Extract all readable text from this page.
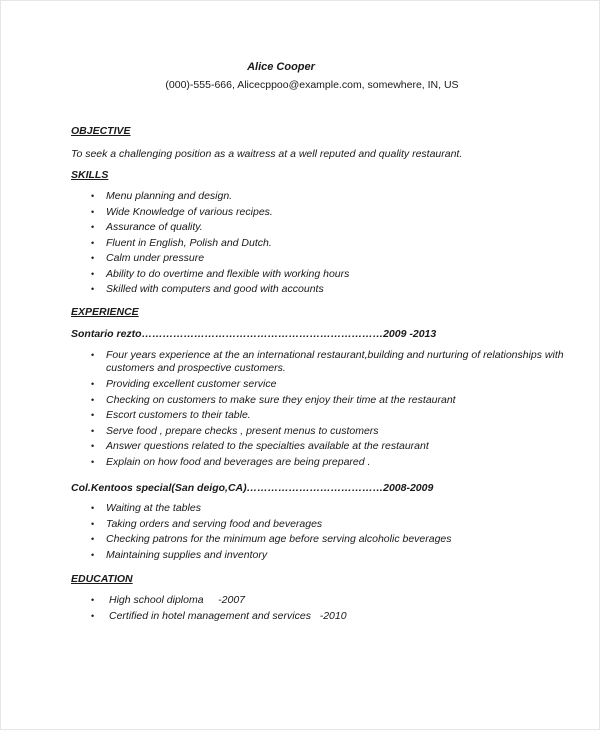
Alice Cooper
(000)-555-666, Alicecppoo@example.com, somewhere, IN, US
OBJECTIVE
To seek a challenging position as a waitress at a well reputed and quality restaurant.
SKILLS
• Menu planning and design.
• Wide Knowledge of various recipes.
• Assurance of quality.
• Fluent in English, Polish and Dutch.
• Calm under pressure
• Ability to do overtime and flexible with working hours
• Skilled with computers and good with accounts
EXPERIENCE
Sontario rezto……………………………………………………………2009 -2013
• Four years experience at the an international restaurant,building and nurturing of relationships with customers and prospective customers.
• Providing excellent customer service
• Checking on customers to make sure they enjoy their time at the restaurant
• Escort customers to their table.
• Serve food , prepare checks , present menus to customers
• Answer questions related to the specialties available at the restaurant
• Explain on how food and beverages are being prepared .
Col.Kentoos special(San deigo,CA)…………………………………2008-2009
• Waiting at the tables
• Taking orders and serving food and beverages
• Checking patrons for the minimum age before serving alcoholic beverages
• Maintaining supplies and inventory
EDUCATION
• High school diploma     -2007
• Certified in hotel management and services   -2010
